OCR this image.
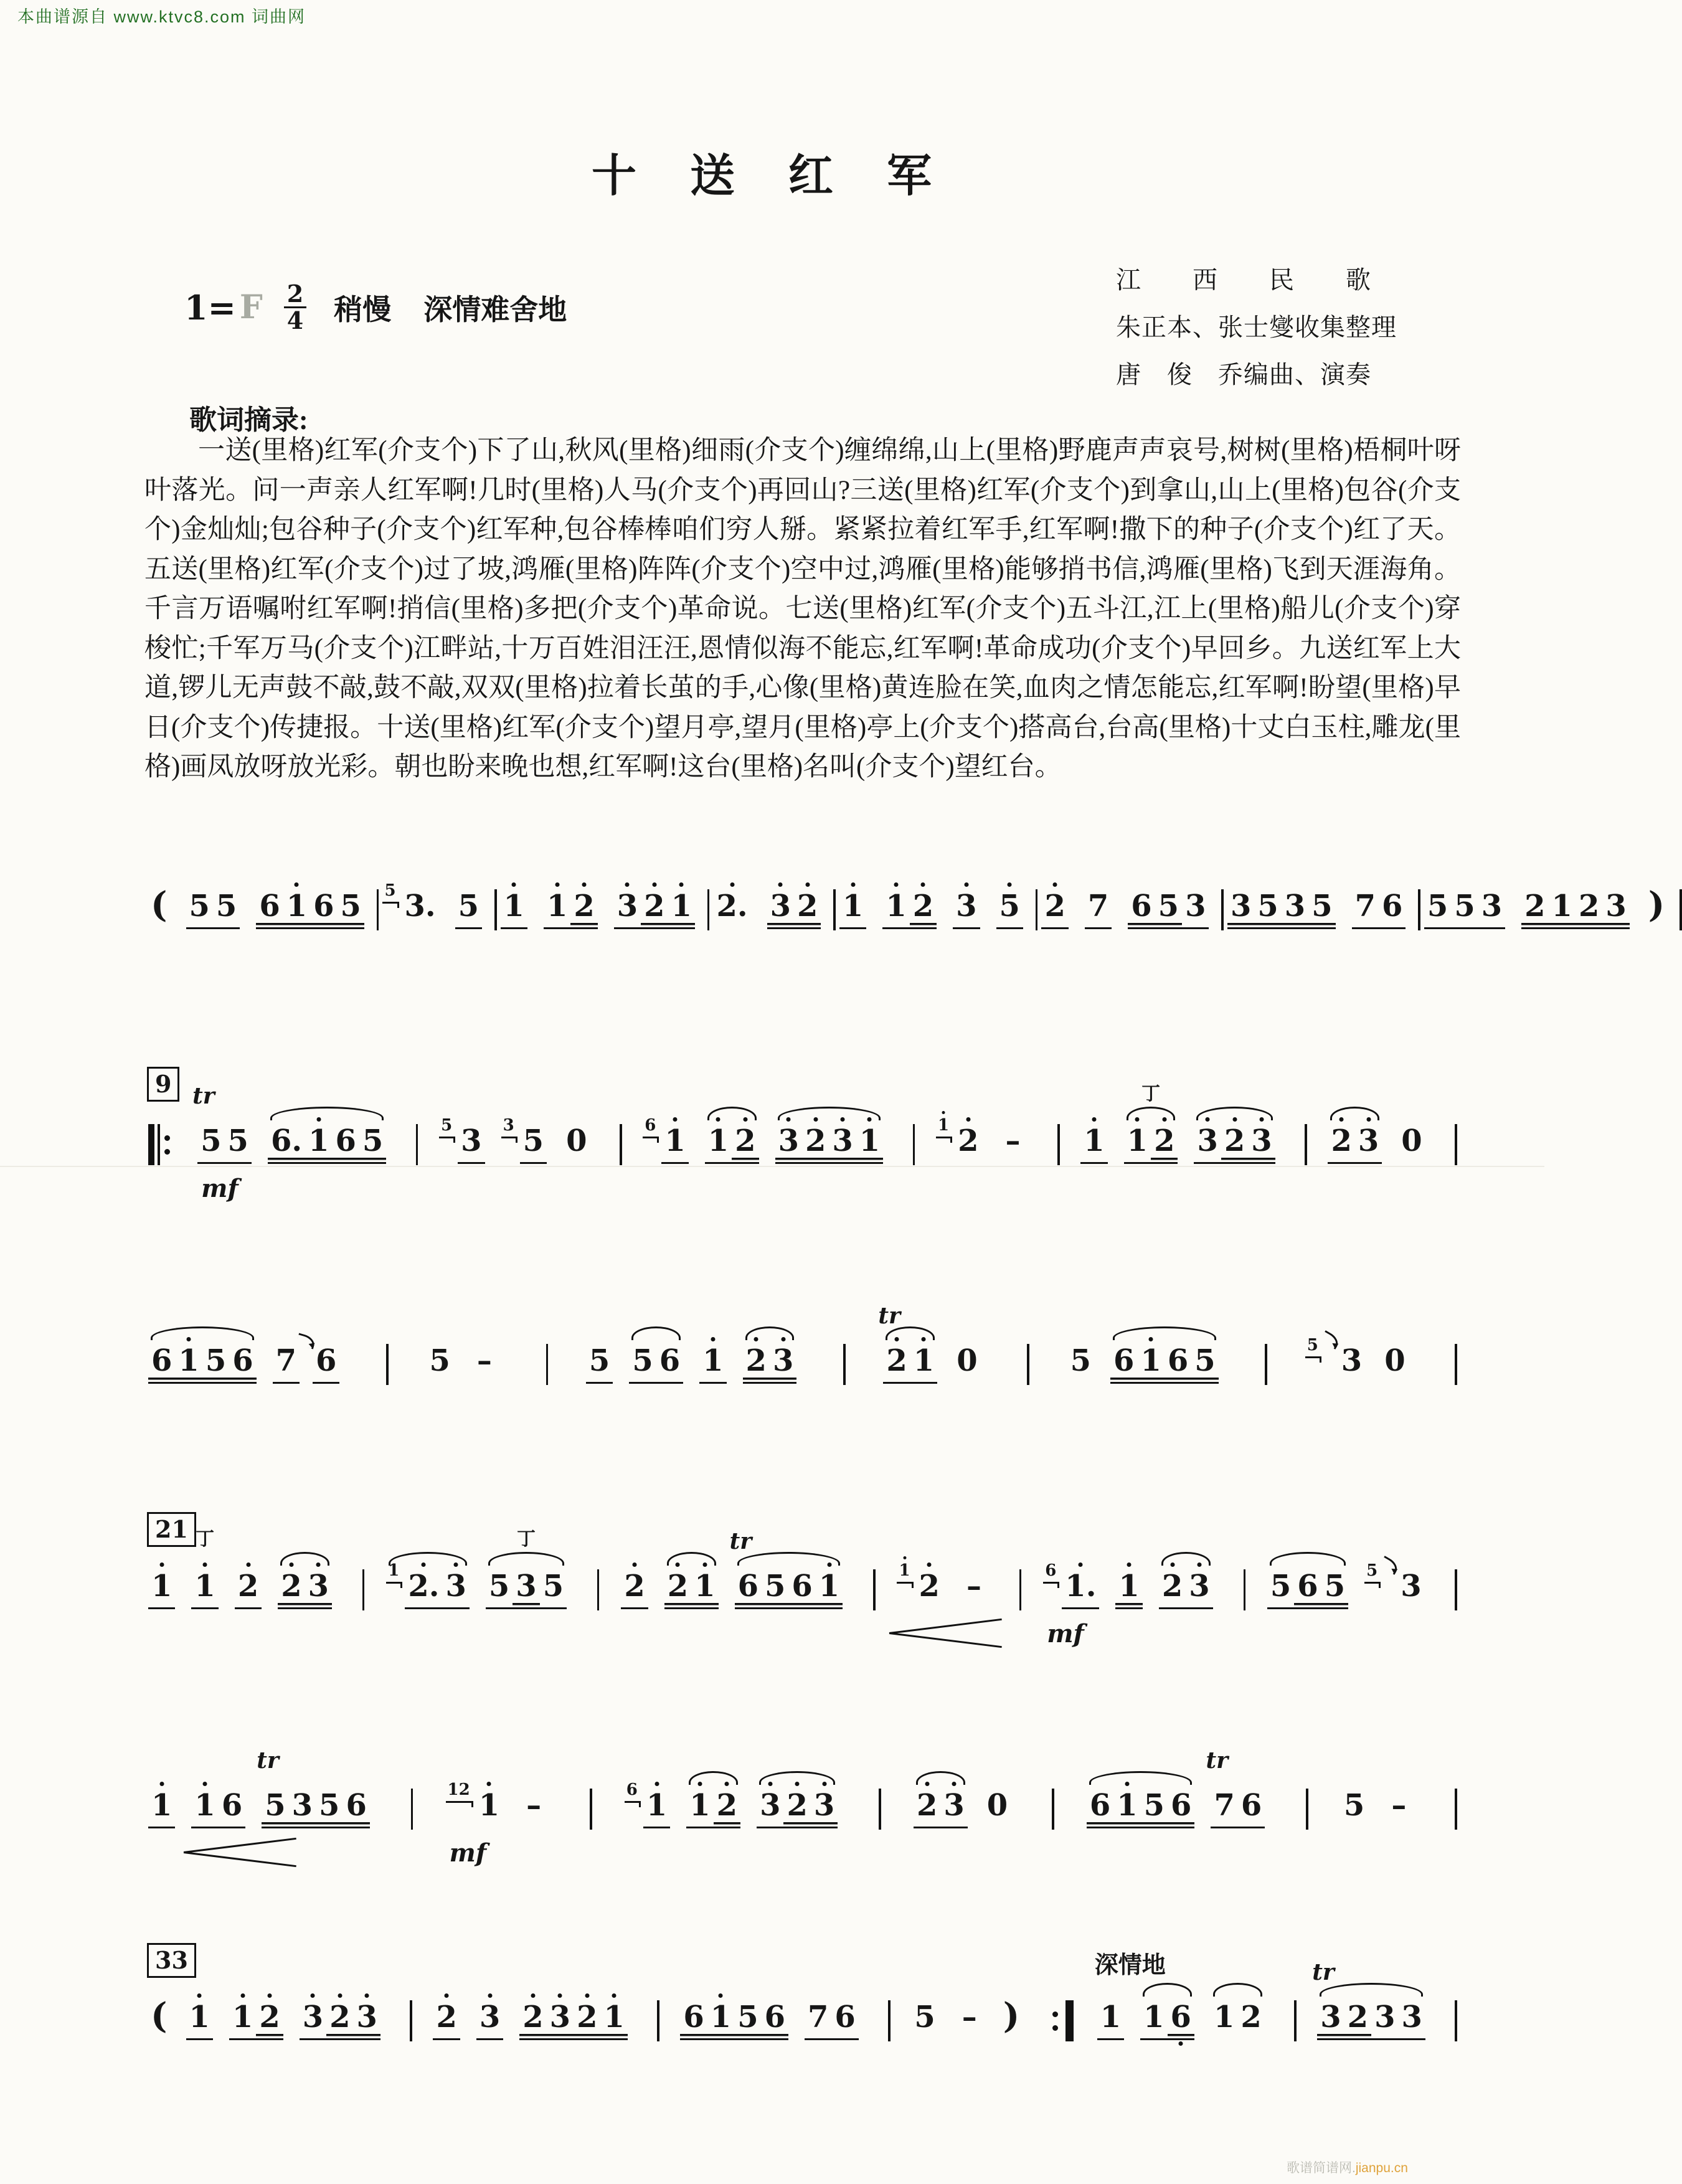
本曲谱源自 www.ktvc8.com 词曲网
十 送 红 军
1= F $\frac{2}{4}$ 稍慢 深情难舍地
江　　西　　民　　歌
朱正本、张士燮收集整理
唐　俊　乔编曲、演奏
歌词摘录:
一送(里格)红军(介支个)下了山,秋风(里格)细雨(介支个)缠绵绵,山上(里格)野鹿声声哀号,树树(里格)梧桐叶呀叶落光。问一声亲人红军啊!几时(里格)人马(介支个)再回山?三送(里格)红军(介支个)到拿山,山上(里格)包谷(介支个)金灿灿;包谷种子(介支个)红军种,包谷棒棒咱们穷人掰。紧紧拉着红军手,红军啊!撒下的种子(介支个)红了天。五送(里格)红军(介支个)过了坡,鸿雁(里格)阵阵(介支个)空中过,鸿雁(里格)能够捎书信,鸿雁(里格)飞到天涯海角。千言万语嘱咐红军啊!捎信(里格)多把(介支个)革命说。七送(里格)红军(介支个)五斗江,江上(里格)船儿(介支个)穿梭忙;千军万马(介支个)江畔站,十万百姓泪汪汪,恩情似海不能忘,红军啊!革命成功(介支个)早回乡。九送红军上大道,锣儿无声鼓不敲,鼓不敲,双双(里格)拉着长茧的手,心像(里格)黄连脸在笑,血肉之情怎能忘,红军啊!盼望(里格)早日(介支个)传捷报。十送(里格)红军(介支个)望月亭,望月(里格)亭上(介支个)搭高台,台高(里格)十丈白玉柱,雕龙(里格)画凤放呀放光彩。朝也盼来晚也想,红军啊!这台(里格)名叫(介支个)望红台。
( 5 5 6 1 6 5 5 3. 5 1 1 2 3 2 1 2. 3 2 1 1 2 3 5 2 7 6 5 3 3 5 3 5 7 6 5 5 3 2 1 2 3 )
9 tr
5 5
mf
6. 1 6 5	5 3 3 5 0	6 1 1 2 3 2 3 1	1 2 – 1
丁
1 2 3 2 3 2 3 0
6 1 5 6 7 6	5 –	5 5 6 1 2 3
tr
2 1 0	5 6 1 6 5	5 3 0
21
1
丁
1 2 2 3	1 2. 3
丁
5 3 5 2 2 1
tr
6 5 6 1	1 2 –	6 1.
mf
1 2 3 5 6 5 5 3
1 1 6
tr
5 3 5 6	12 1
mf
–	6 1 1 2 3 2 3	2 3 0	6 1 5 6
tr
7 6	5 –
33
( 1 1 2 3 2 3 2 3 2 3 2 1 6 1 5 6 7 6 5 – )
深情地
1 1 6 1 2
tr
3 2 3 3
歌谱简谱网.jianpu.cn
